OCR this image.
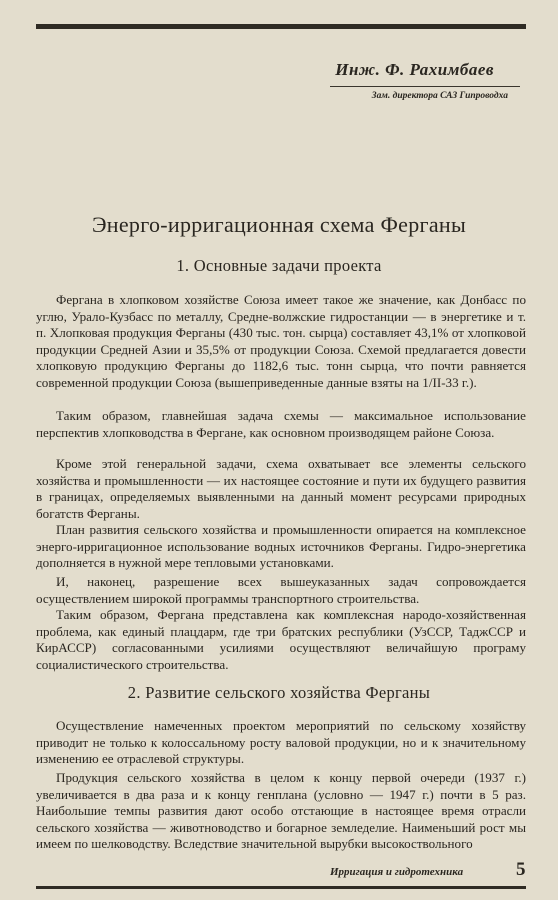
Инж. Ф. Рахимбаев
Зам. директора САЗ Гипроводха
Энерго-ирригационная схема Ферганы
1. Основные задачи проекта
Фергана в хлопковом хозяйстве Союза имеет такое же значение, как Донбасс по углю, Урало-Кузбасс по металлу, Средне-волжские гидростанции — в энергетике и т. п. Хлопковая продукция Ферганы (430 тыс. тон. сырца) составляет 43,1% от хлопковой продукции Средней Азии и 35,5% от продукции Союза. Схемой предлагается довести хлопковую продукцию Ферганы до 1182,6 тыс. тонн сырца, что почти равняется современной продукции Союза (вышеприведенные данные взяты на 1/II-33 г.).
Таким образом, главнейшая задача схемы — максимальное использование перспектив хлопководства в Фергане, как основном производящем районе Союза.
Кроме этой генеральной задачи, схема охватывает все элементы сельского хозяйства и промышленности — их настоящее состояние и пути их будущего развития в границах, определяемых выявленными на данный момент ресурсами природных богатств Ферганы.
План развития сельского хозяйства и промышленности опирается на комплексное энерго-ирригационное использование водных источников Ферганы. Гидро-энергетика дополняется в нужной мере тепловыми установками.
И, наконец, разрешение всех вышеуказанных задач сопровождается осуществлением широкой программы транспортного строительства.
Таким образом, Фергана представлена как комплексная народо-хозяйственная проблема, как единый плацдарм, где три братских республики (УзССР, ТаджССР и КирАССР) согласованными усилиями осуществляют величайшую програму социалистического строительства.
2. Развитие сельского хозяйства Ферганы
Осуществление намеченных проектом мероприятий по сельскому хозяйству приводит не только к колоссальному росту валовой продукции, но и к значительному изменению ее отраслевой структуры.
Продукция сельского хозяйства в целом к концу первой очереди (1937 г.) увеличивается в два раза и к концу генплана (условно — 1947 г.) почти в 5 раз. Наибольшие темпы развития дают особо отстающие в настоящее время отрасли сельского хозяйства — животноводство и богарное земледелие. Наименьший рост мы имеем по шелководству. Вследствие значительной вырубки высокоствольного
Ирригация и гидротехника	5
